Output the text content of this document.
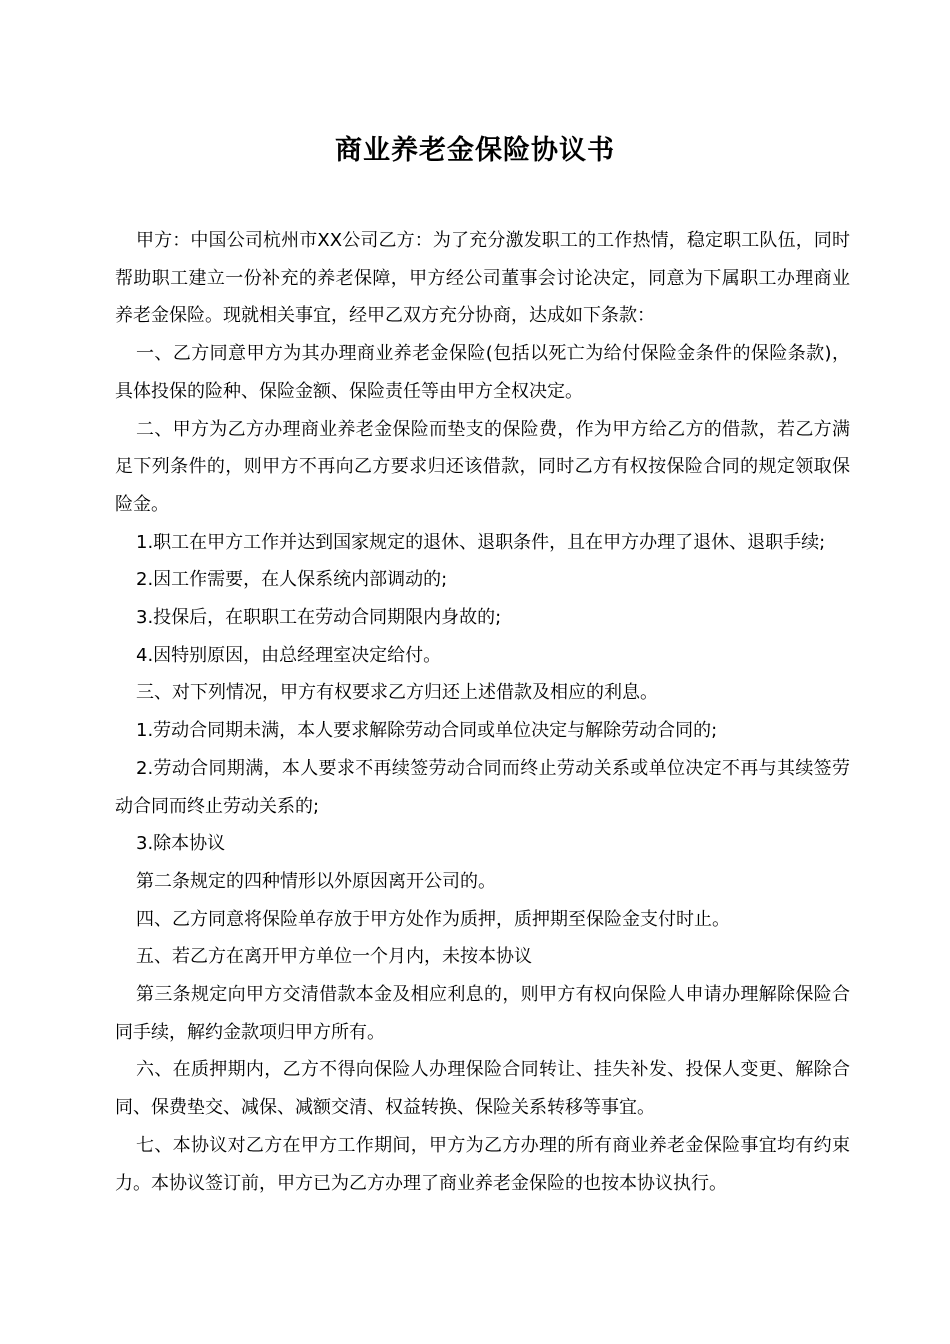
商业养老金保险协议书

甲方：中国公司杭州市XX公司乙方：为了充分激发职工的工作热情，稳定职工队伍，同时帮助职工建立一份补充的养老保障，甲方经公司董事会讨论决定，同意为下属职工办理商业养老金保险。现就相关事宜，经甲乙双方充分协商，达成如下条款：

一、乙方同意甲方为其办理商业养老金保险(包括以死亡为给付保险金条件的保险条款)，具体投保的险种、保险金额、保险责任等由甲方全权决定。

二、甲方为乙方办理商业养老金保险而垫支的保险费，作为甲方给乙方的借款，若乙方满足下列条件的，则甲方不再向乙方要求归还该借款，同时乙方有权按保险合同的规定领取保险金。

1.职工在甲方工作并达到国家规定的退休、退职条件，且在甲方办理了退休、退职手续;

2.因工作需要，在人保系统内部调动的;

3.投保后，在职职工在劳动合同期限内身故的;

4.因特别原因，由总经理室决定给付。

三、对下列情况，甲方有权要求乙方归还上述借款及相应的利息。

1.劳动合同期未满，本人要求解除劳动合同或单位决定与解除劳动合同的;

2.劳动合同期满，本人要求不再续签劳动合同而终止劳动关系或单位决定不再与其续签劳动合同而终止劳动关系的;

3.除本协议

第二条规定的四种情形以外原因离开公司的。

四、乙方同意将保险单存放于甲方处作为质押，质押期至保险金支付时止。

五、若乙方在离开甲方单位一个月内，未按本协议

第三条规定向甲方交清借款本金及相应利息的，则甲方有权向保险人申请办理解除保险合同手续，解约金款项归甲方所有。

六、在质押期内，乙方不得向保险人办理保险合同转让、挂失补发、投保人变更、解除合同、保费垫交、减保、减额交清、权益转换、保险关系转移等事宜。

七、本协议对乙方在甲方工作期间，甲方为乙方办理的所有商业养老金保险事宜均有约束力。本协议签订前，甲方已为乙方办理了商业养老金保险的也按本协议执行。
